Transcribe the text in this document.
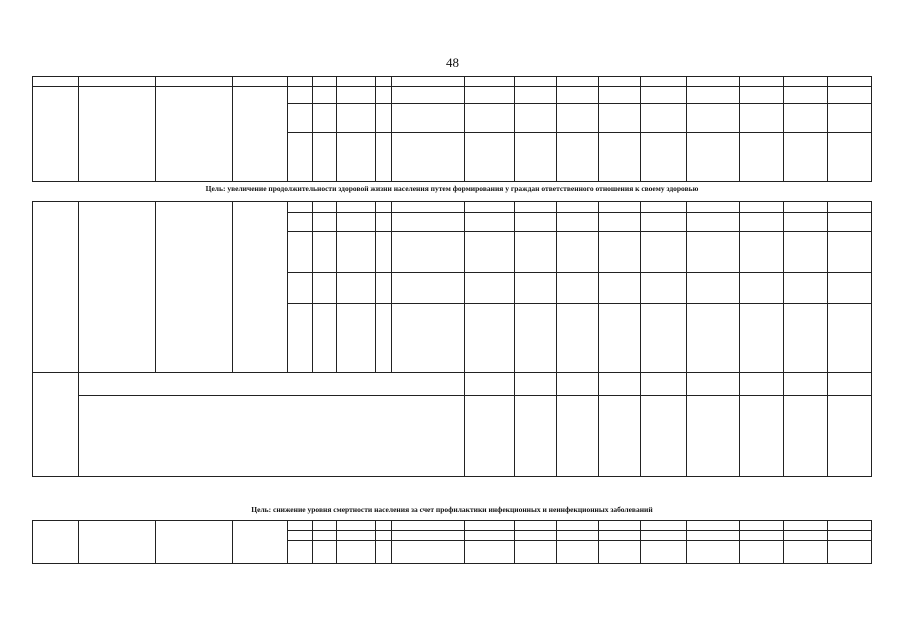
48

Цель: увеличение продолжительности здоровой жизни населения путем формирования у граждан ответственного отношения к своему здоровью

Цель: снижение уровня смертности населения за счет профилактики инфекционных и неинфекционных заболеваний
